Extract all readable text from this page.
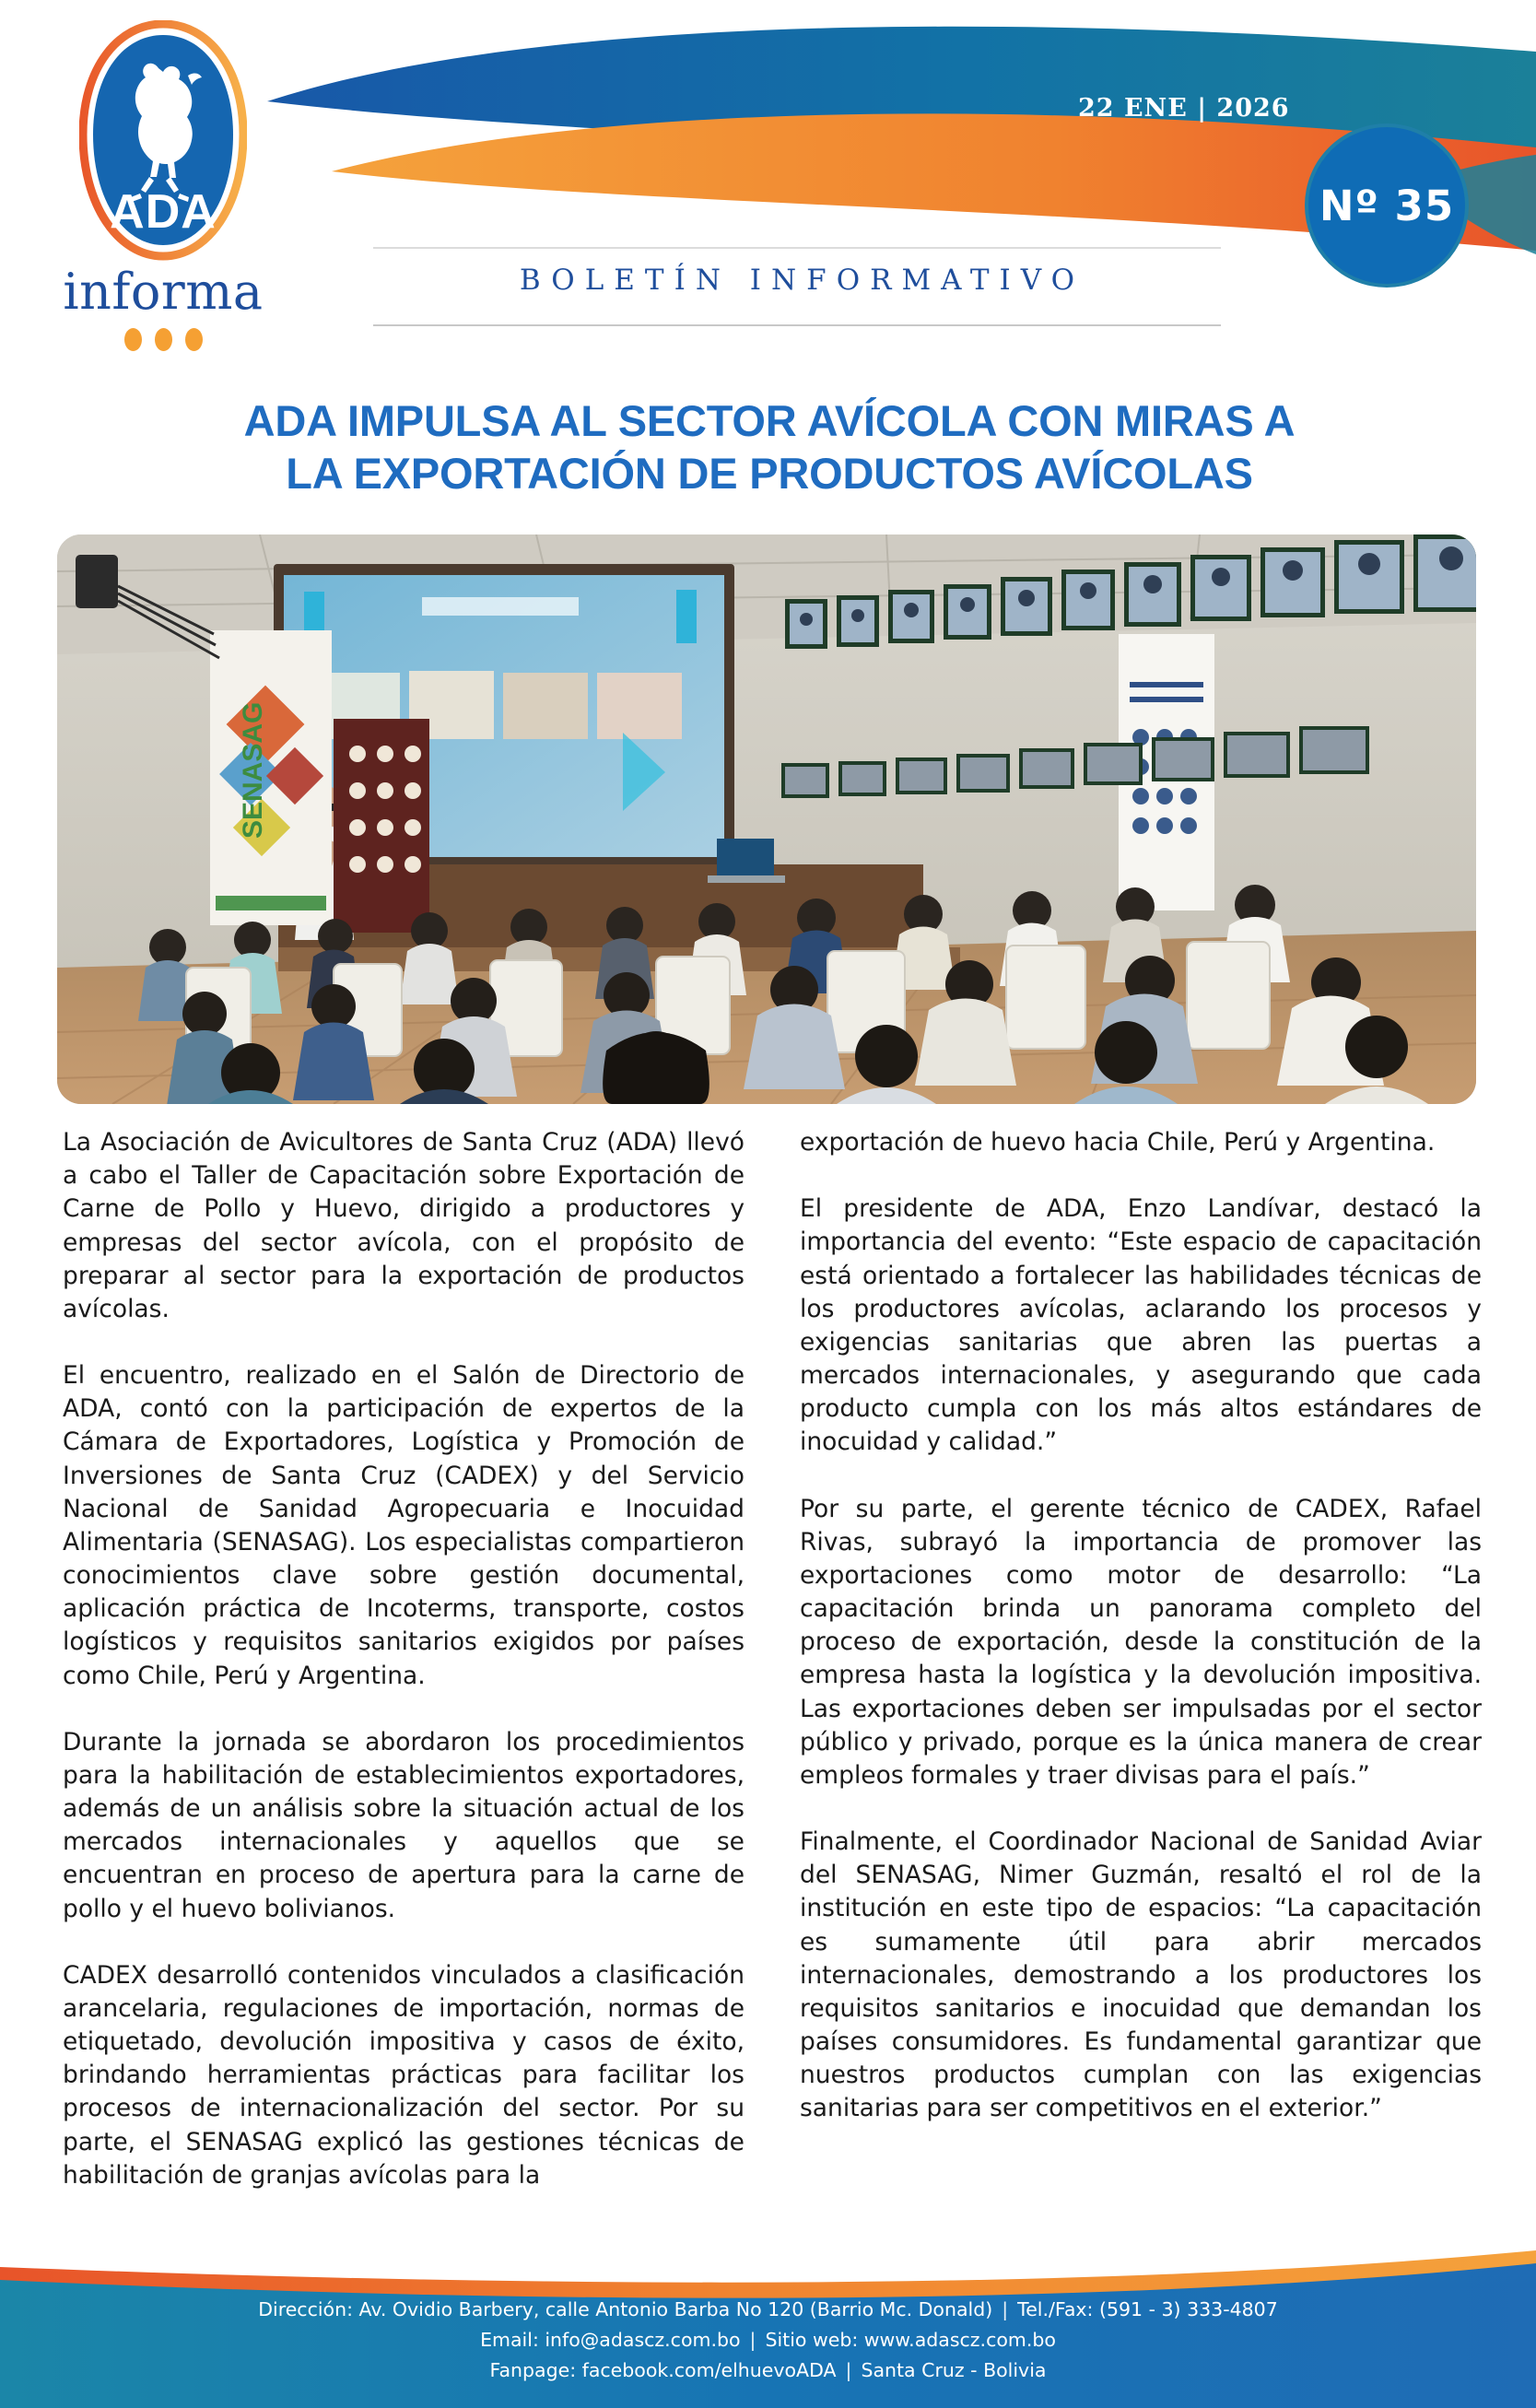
ADA
informa	BOLETÍN INFORMATIVO
22 ENE | 2026
Nº 35
ADA IMPULSA AL SECTOR AVÍCOLA CON MIRAS A
LA EXPORTACIÓN DE PRODUCTOS AVÍCOLAS
SENASAG

La Asociación de Avicultores de Santa Cruz (ADA) llevó a cabo el Taller de Capacitación sobre Exportación de Carne de Pollo y Huevo, dirigido a productores y empresas del sector avícola, con el propósito de preparar al sector para la exportación de productos avícolas.

El encuentro, realizado en el Salón de Directorio de ADA, contó con la participación de expertos de la Cámara de Exportadores, Logística y Promoción de Inversiones de Santa Cruz (CADEX) y del Servicio Nacional de Sanidad Agropecuaria e Inocuidad Alimentaria (SENASAG). Los especialistas compartieron conocimientos clave sobre gestión documental, aplicación práctica de Incoterms, transporte, costos logísticos y requisitos sanitarios exigidos por países como Chile, Perú y Argentina.

Durante la jornada se abordaron los procedimientos para la habilitación de establecimientos exportadores, además de un análisis sobre la situación actual de los mercados internacionales y aquellos que se encuentran en proceso de apertura para la carne de pollo y el huevo bolivianos.

CADEX desarrolló contenidos vinculados a clasificación arancelaria, regulaciones de importación, normas de etiquetado, devolución impositiva y casos de éxito, brindando herramientas prácticas para facilitar los procesos de internacionalización del sector. Por su parte, el SENASAG explicó las gestiones técnicas de habilitación de granjas avícolas para la

exportación de huevo hacia Chile, Perú y Argentina.

El presidente de ADA, Enzo Landívar, destacó la importancia del evento: “Este espacio de capacitación está orientado a fortalecer las habilidades técnicas de los productores avícolas, aclarando los procesos y exigencias sanitarias que abren las puertas a mercados internacionales, y asegurando que cada producto cumpla con los más altos estándares de inocuidad y calidad.”

Por su parte, el gerente técnico de CADEX, Rafael Rivas, subrayó la importancia de promover las exportaciones como motor de desarrollo: “La capacitación brinda un panorama completo del proceso de exportación, desde la constitución de la empresa hasta la logística y la devolución impositiva. Las exportaciones deben ser impulsadas por el sector público y privado, porque es la única manera de crear empleos formales y traer divisas para el país.”

Finalmente, el Coordinador Nacional de Sanidad Aviar del SENASAG, Nimer Guzmán, resaltó el rol de la institución en este tipo de espacios: “La capacitación es sumamente útil para abrir mercados internacionales, demostrando a los productores los requisitos sanitarios e inocuidad que demandan los países consumidores. Es fundamental garantizar que nuestros productos cumplan con las exigencias sanitarias para ser competitivos en el exterior.”

Dirección: Av. Ovidio Barbery, calle Antonio Barba No 120 (Barrio Mc. Donald) | Tel./Fax: (591 - 3) 333-4807
Email: info@adascz.com.bo | Sitio web: www.adascz.com.bo
Fanpage: facebook.com/elhuevoADA | Santa Cruz - Bolivia
